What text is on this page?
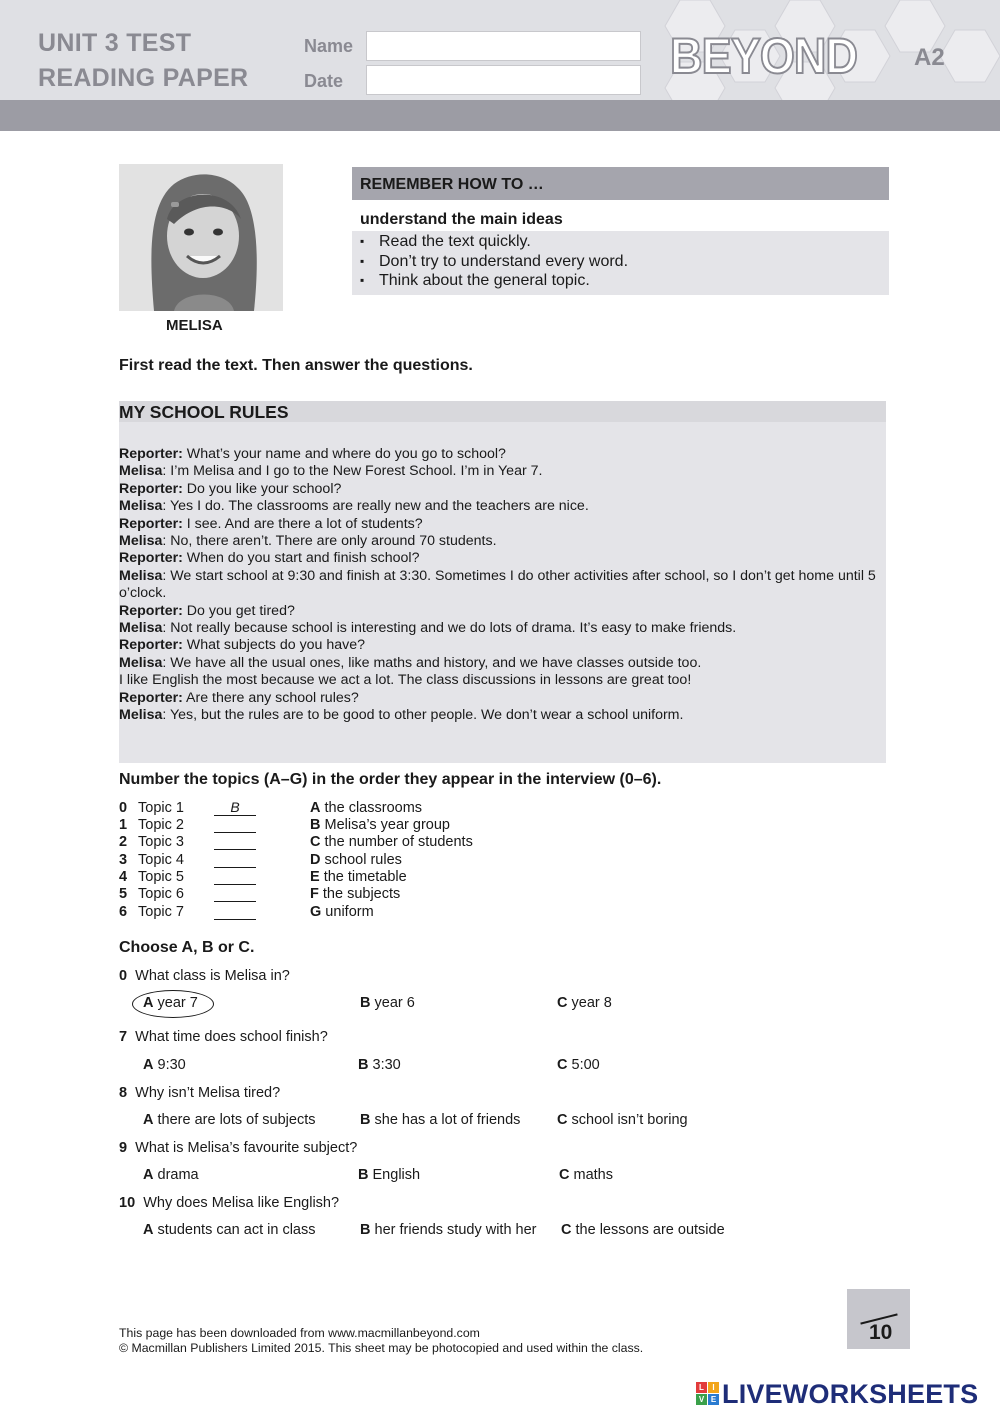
UNIT 3 TEST
READING PAPER
Name
Date	BEYOND A2
MELISA
REMEMBER HOW TO …
understand the main ideas
▪ Read the text quickly.
▪ Don’t try to understand every word.
▪ Think about the general topic.
First read the text. Then answer the questions.
MY SCHOOL RULES
Reporter: What’s your name and where do you go to school?
Melisa: I’m Melisa and I go to the New Forest School. I’m in Year 7.
Reporter: Do you like your school?
Melisa: Yes I do. The classrooms are really new and the teachers are nice.
Reporter: I see. And are there a lot of students?
Melisa: No, there aren’t. There are only around 70 students.
Reporter: When do you start and finish school?
Melisa: We start school at 9:30 and finish at 3:30. Sometimes I do other activities after school, so I don’t get home until 5 o’clock.
Reporter: Do you get tired?
Melisa: Not really because school is interesting and we do lots of drama. It’s easy to make friends.
Reporter: What subjects do you have?
Melisa: We have all the usual ones, like maths and history, and we have classes outside too.
I like English the most because we act a lot. The class discussions in lessons are great too!
Reporter: Are there any school rules?
Melisa: Yes, but the rules are to be good to other people. We don’t wear a school uniform.
Number the topics (A–G) in the order they appear in the interview (0–6).
0 Topic 1	B	A the classrooms
1 Topic 2	B Melisa’s year group
2 Topic 3	C the number of students
3 Topic 4	D school rules
4 Topic 5	E the timetable
5 Topic 6	F the subjects
6 Topic 7	G uniform
Choose A, B or C.
0 What class is Melisa in?
A year 7	B year 6	C year 8
7 What time does school finish?
A 9:30	B 3:30	C 5:00
8 Why isn’t Melisa tired?
A there are lots of subjects	B she has a lot of friends	C school isn’t boring
9 What is Melisa’s favourite subject?
A drama	B English	C maths
10 Why does Melisa like English?
A students can act in class	B her friends study with her C the lessons are outside
10
This page has been downloaded from www.macmillanbeyond.com
© Macmillan Publishers Limited 2015. This sheet may be photocopied and used within the class.
L	I
V E LIVEWORKSHEETS
